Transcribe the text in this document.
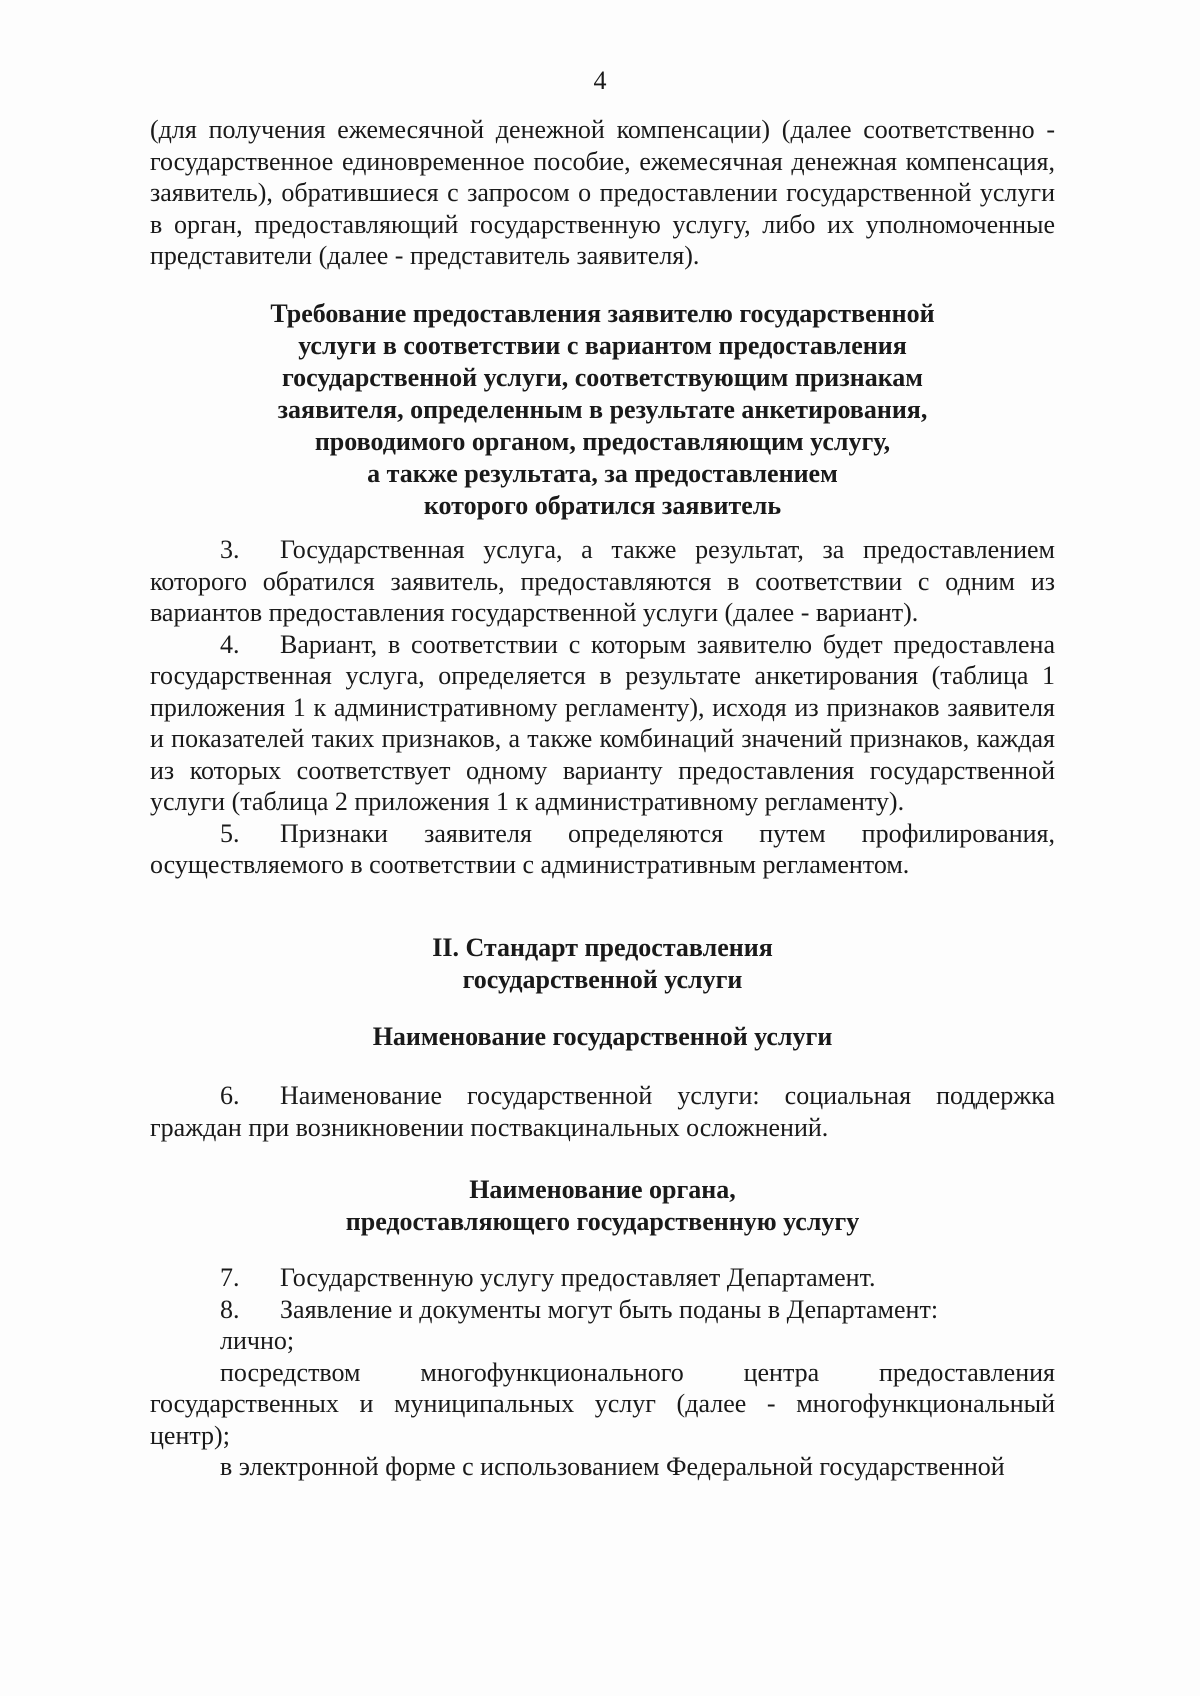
4

(для получения ежемесячной денежной компенсации) (далее соответственно - государственное единовременное пособие, ежемесячная денежная компенсация, заявитель), обратившиеся с запросом о предоставлении государственной услуги в орган, предоставляющий государственную услугу, либо их уполномоченные представители (далее - представитель заявителя).

Требование предоставления заявителю государственной
услуги в соответствии с вариантом предоставления
государственной услуги, соответствующим признакам
заявителя, определенным в результате анкетирования,
проводимого органом, предоставляющим услугу,
а также результата, за предоставлением
которого обратился заявитель

3. Государственная услуга, а также результат, за предоставлением которого обратился заявитель, предоставляются в соответствии с одним из вариантов предоставления государственной услуги (далее - вариант).

4. Вариант, в соответствии с которым заявителю будет предоставлена государственная услуга, определяется в результате анкетирования (таблица 1 приложения 1 к административному регламенту), исходя из признаков заявителя и показателей таких признаков, а также комбинаций значений признаков, каждая из которых соответствует одному варианту предоставления государственной услуги (таблица 2 приложения 1 к административному регламенту).

5. Признаки заявителя определяются путем профилирования, осуществляемого в соответствии с административным регламентом.

II. Стандарт предоставления
государственной услуги
Наименование государственной услуги

6. Наименование государственной услуги: социальная поддержка граждан при возникновении поствакцинальных осложнений.

Наименование органа,
предоставляющего государственную услугу

7. Государственную услугу предоставляет Департамент.

8. Заявление и документы могут быть поданы в Департамент:

лично;

посредством многофункционального центра предоставления государственных и муниципальных услуг (далее - многофункциональный центр);

в электронной форме с использованием Федеральной государственной
